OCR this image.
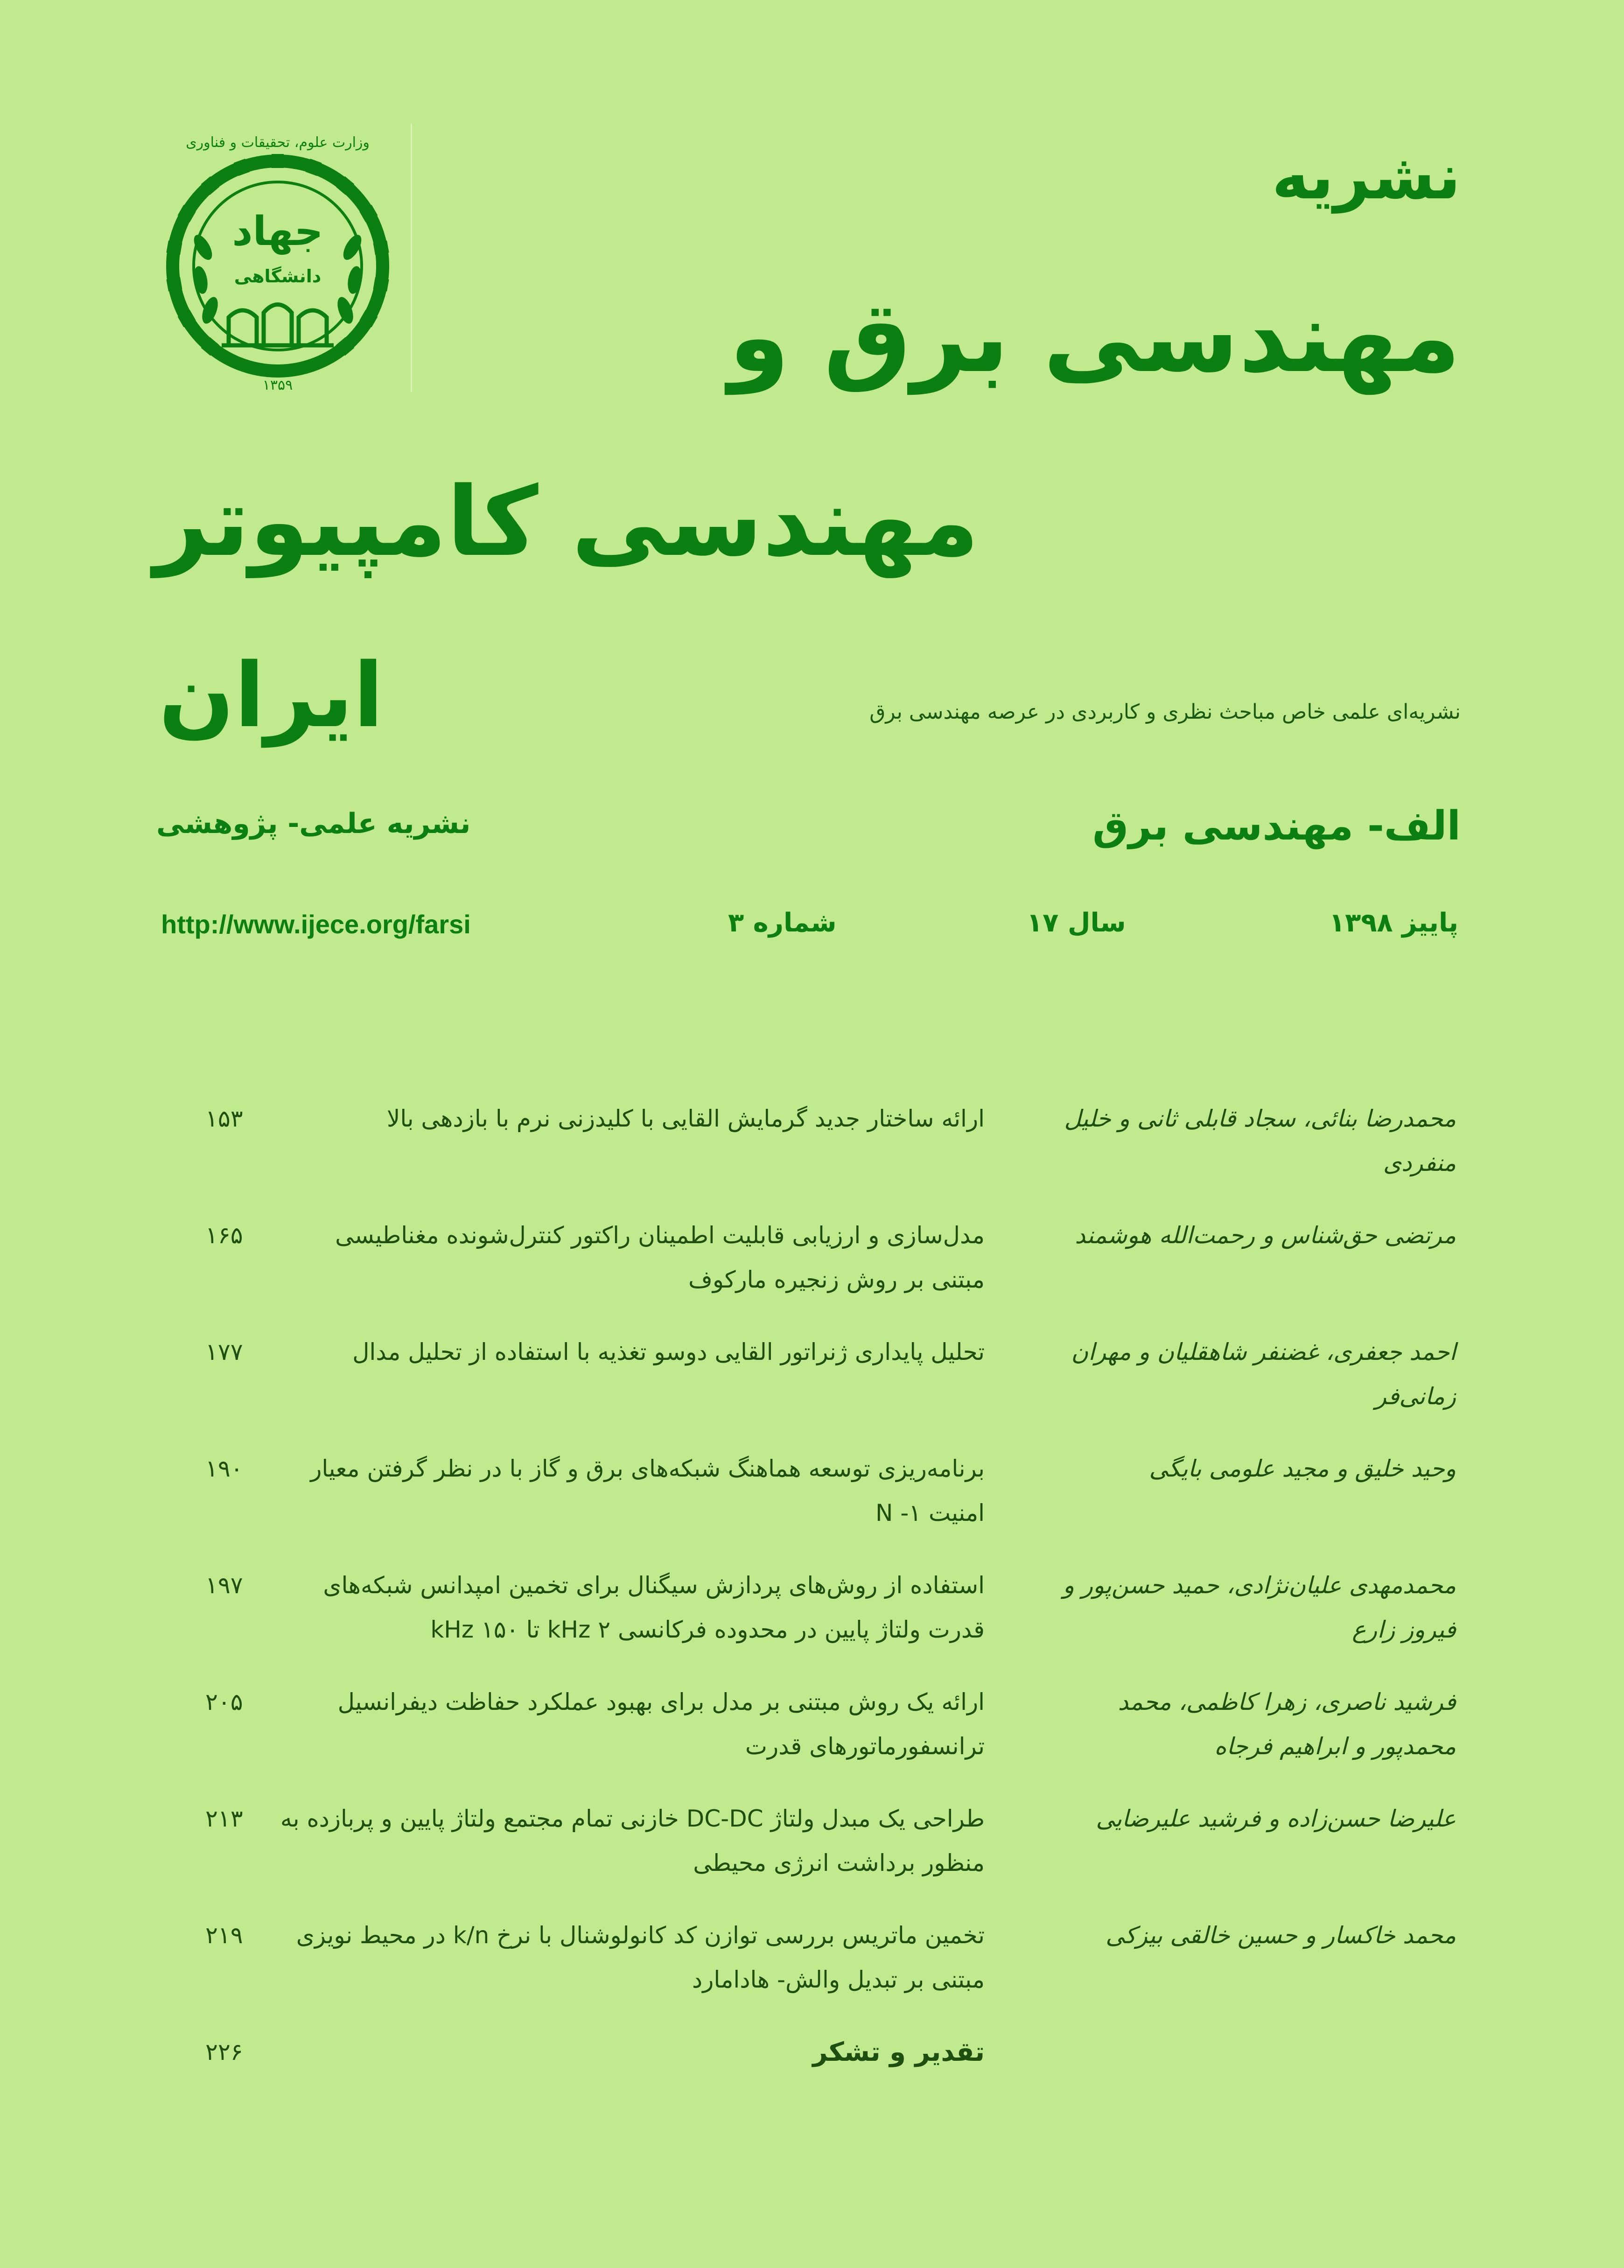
وزارت علوم، تحقیقات و فناوری
جهاد
دانشگاهی
۱۳۵۹
نشریه
مهندسی برق و
مهندسی کامپیوتر
ایران	نشریه‌ای علمی خاص مباحث نظری و کاربردی در عرصه مهندسی برق
الف- مهندسی برق
نشریه علمی- پژوهشی
پاییز ۱۳۹۸
سال ۱۷
شماره ۳
http://www.ijece.org/farsi
محمدرضا بنائی، سجاد قابلی ثانی و خلیل منفردی
ارائه ساختار جدید گرمایش القایی با کلیدزنی نرم با بازدهی بالا
۱۵۳
مرتضی حق‌شناس و رحمت‌الله هوشمند
مدل‌سازی و ارزیابی قابلیت اطمینان راکتور کنترل‌شونده مغناطیسی مبتنی بر روش زنجیره مارکوف
۱۶۵
احمد جعفری، غضنفر شاهقلیان و مهران زمانی‌فر
تحلیل پایداری ژنراتور القایی دوسو تغذیه با استفاده از تحلیل مدال
۱۷۷
وحید خلیق و مجید علومی بایگی
برنامه‌ریزی توسعه هماهنگ شبکه‌های برق و گاز با در نظر گرفتن معیار امنیت N -۱
۱۹۰
محمدمهدی علیان‌نژادی، حمید حسن‌پور و فیروز زارع
استفاده از روش‌های پردازش سیگنال برای تخمین امپدانس شبکه‌های قدرت ولتاژ پایین در محدوده فرکانسی ۲ kHz تا ۱۵۰ kHz
۱۹۷
فرشید ناصری، زهرا کاظمی، محمد محمدپور و ابراهیم فرجاه
ارائه یک روش مبتنی بر مدل برای بهبود عملکرد حفاظت دیفرانسیل ترانسفورماتورهای قدرت
۲۰۵
علیرضا حسن‌زاده و فرشید علیرضایی
طراحی یک مبدل ولتاژ DC-DC خازنی تمام مجتمع ولتاژ پایین و پربازده به منظور برداشت انرژی محیطی
۲۱۳
محمد خاکسار و حسین خالقی بیزکی
تخمین ماتریس بررسی توازن کد کانولوشنال با نرخ k/n در محیط نویزی مبتنی بر تبدیل والش- هادامارد
۲۱۹
تقدیر و تشکر
۲۲۶
